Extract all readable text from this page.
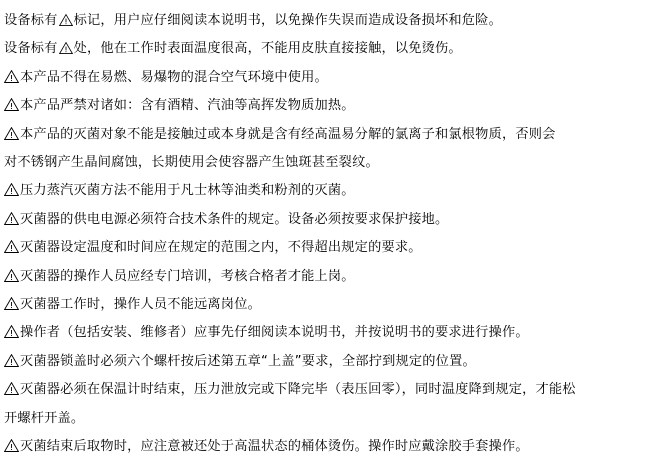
设备标有 标记，用户应仔细阅读本说明书，以免操作失误而造成设备损坏和危险。
设备标有 处，他在工作时表面温度很高，不能用皮肤直接接触，以免烫伤。
本产品不得在易燃、易爆物的混合空气环境中使用。
本产品严禁对诸如：含有酒精、汽油等高挥发物质加热。
本产品的灭菌对象不能是接触过或本身就是含有经高温易分解的氯离子和氯根物质，否则会
对不锈钢产生晶间腐蚀，长期使用会使容器产生蚀斑甚至裂纹。
压力蒸汽灭菌方法不能用于凡士林等油类和粉剂的灭菌。
灭菌器的供电电源必须符合技术条件的规定。设备必须按要求保护接地。
灭菌器设定温度和时间应在规定的范围之内，不得超出规定的要求。
灭菌器的操作人员应经专门培训，考核合格者才能上岗。
灭菌器工作时，操作人员不能远离岗位。
操作者（包括安装、维修者）应事先仔细阅读本说明书，并按说明书的要求进行操作。
灭菌器锁盖时必须六个螺杆按后述第五章“上盖”要求，全部拧到规定的位置。
灭菌器必须在保温计时结束，压力泄放完或下降完毕（表压回零），同时温度降到规定，才能松
开螺杆开盖。
灭菌结束后取物时，应注意被还处于高温状态的桶体烫伤。操作时应戴涂胶手套操作。
